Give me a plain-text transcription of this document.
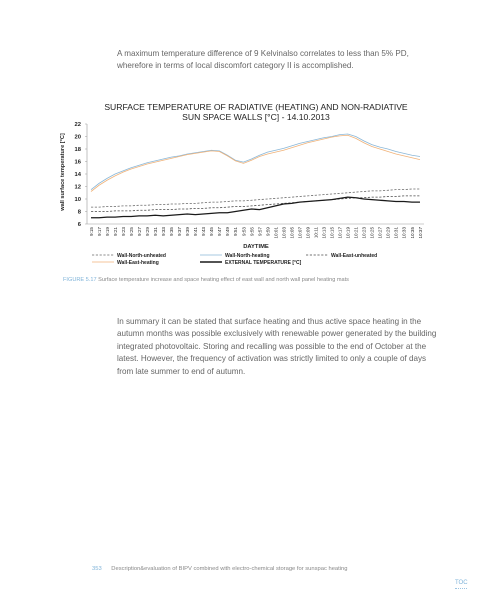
A maximum temperature difference of 9 Kelvinalso correlates to less than 5% PD, wherefore in terms of local discomfort category II is accomplished.

SURFACE TEMPERATURE OF RADIATIVE (HEATING) AND NON-RADIATIVE
SUN SPACE WALLS [°C] - 14.10.2013
wall surface temperature [°C]
DAYTIME
6
8
10
12
14
16
18
20
22
9:15 9:17 9:19 9:21 9:23 9:25 9:27 9:29 9:31 9:33 9:35 9:37 9:39 9:41 9:43 9:45 9:47 9:49 9:51 9:53 9:55 9:57 9:59 10:01 10:03 10:05 10:07 10:09 10:11 10:13 10:15 10:17 10:19 10:21 10:23 10:25 10:27 10:29 10:31 10:33 10:35 10:37
Wall-North-unheated	Wall-North-heating	Wall-East-unheated
Wall-East-heating	EXTERNAL TEMPERATURE [°C]
FIGURE 5.17 Surface temperature increase and space heating effect of east wall and north wall panel heating mats

In summary it can be stated that surface heating and thus active space heating in the autumn months was possible exclusively with renewable power generated by the building integrated photovoltaic. Storing and recalling was possible to the end of October at the latest. However, the frequency of activation was strictly limited to only a couple of days from late summer to end of autumn.

353 Description&evaluation of BIPV combined with electro-chemical storage for sunspac heating
TOC
